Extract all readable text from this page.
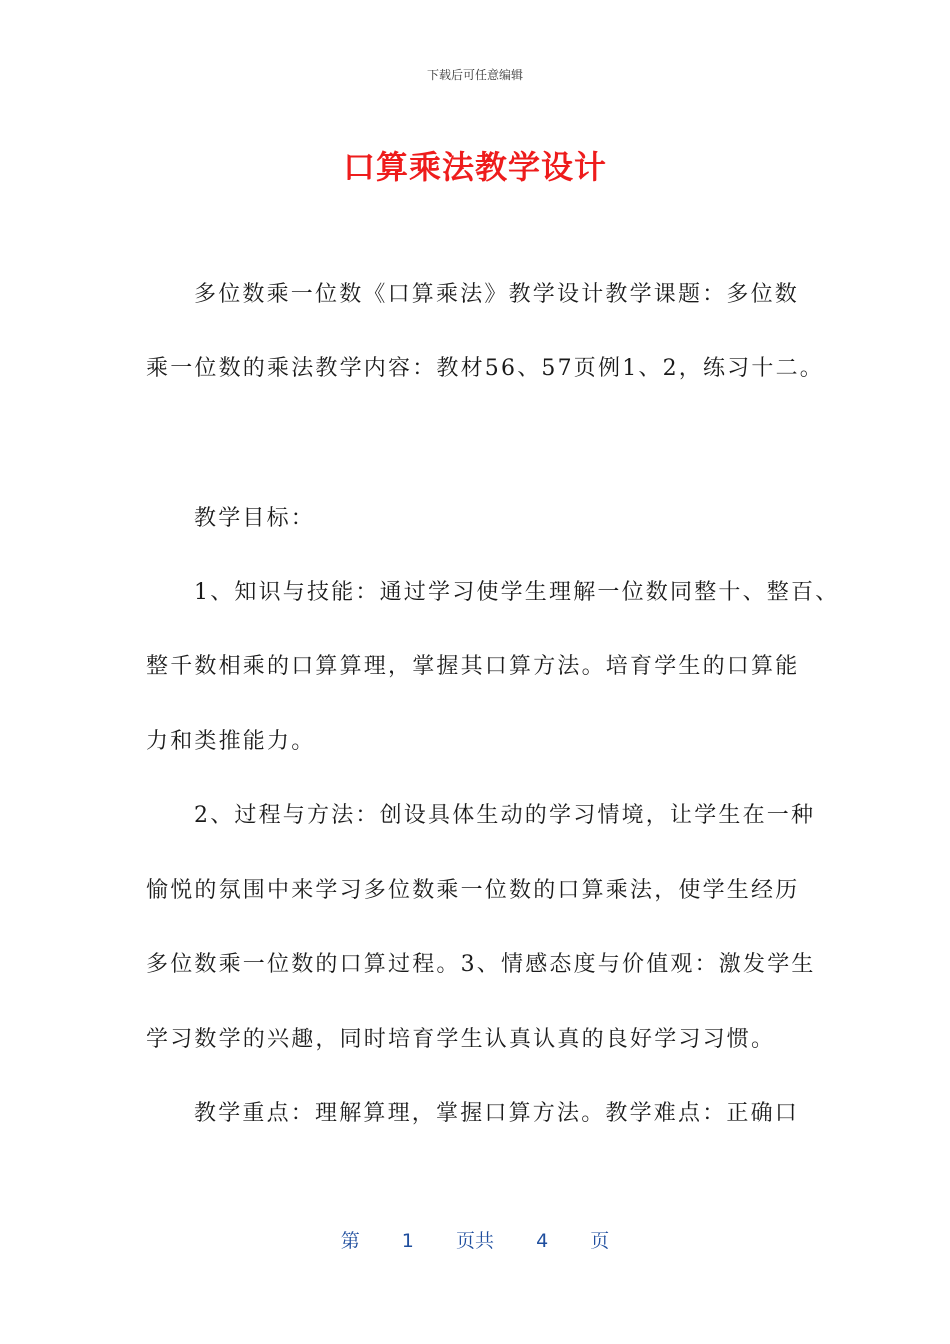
下载后可任意编辑
口算乘法教学设计
多位数乘一位数《口算乘法》教学设计教学课题：多位数
乘一位数的乘法教学内容：教材56、57页例1、2，练习十二。
教学目标：
1、知识与技能：通过学习使学生理解一位数同整十、整百、
整千数相乘的口算算理，掌握其口算方法。培育学生的口算能
力和类推能力。
2、过程与方法：创设具体生动的学习情境，让学生在一种
愉悦的氛围中来学习多位数乘一位数的口算乘法，使学生经历
多位数乘一位数的口算过程。3、情感态度与价值观：激发学生
学习数学的兴趣，同时培育学生认真认真的良好学习习惯。
教学重点：理解算理，掌握口算方法。教学难点：正确口
第 1 页共 4 页
